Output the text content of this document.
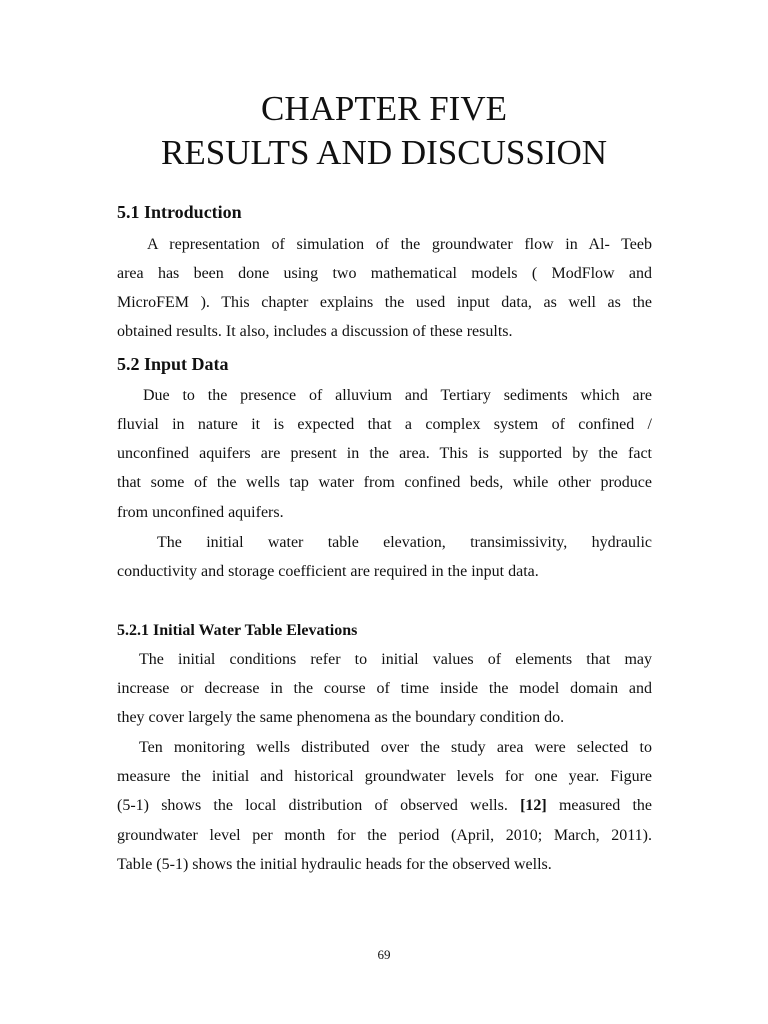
CHAPTER FIVE
RESULTS AND DISCUSSION
5.1 Introduction

A representation of simulation of the groundwater flow in Al- Teeb

area has been done using two mathematical models ( ModFlow and

MicroFEM ). This chapter explains the used input data, as well as the

obtained results. It also, includes a discussion of these results.

5.2 Input Data

Due to the presence of alluvium and Tertiary sediments which are

fluvial in nature it is expected that a complex system of confined /

unconfined aquifers are present in the area. This is supported by the fact

that some of the wells tap water from confined beds, while other produce

from unconfined aquifers.

The initial water table elevation, transimissivity, hydraulic

conductivity and storage coefficient are required in the input data.

5.2.1 Initial Water Table Elevations

The initial conditions refer to initial values of elements that may

increase or decrease in the course of time inside the model domain and

they cover largely the same phenomena as the boundary condition do.

Ten monitoring wells distributed over the study area were selected to

measure the initial and historical groundwater levels for one year. Figure

(5-1) shows the local distribution of observed wells. [12] measured the

groundwater level per month for the period (April, 2010; March, 2011).

Table (5-1) shows the initial hydraulic heads for the observed wells.

69
